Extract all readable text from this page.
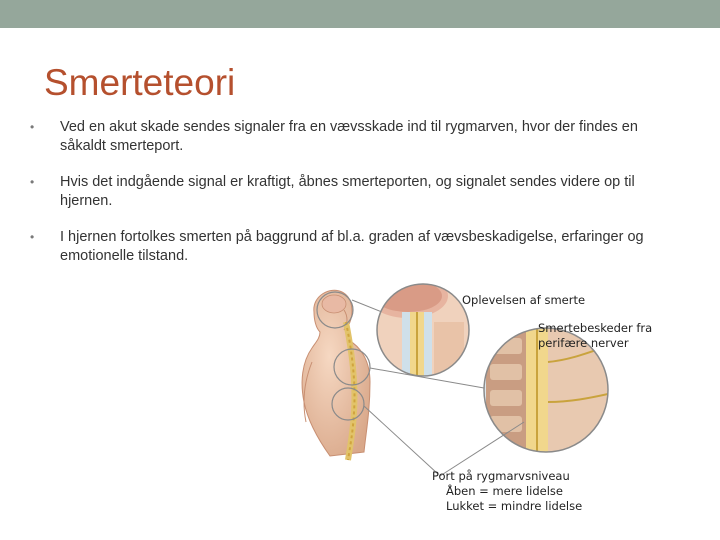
Smerteteori
• Ved en akut skade sendes signaler fra en vævsskade ind til rygmarven, hvor der findes en såkaldt smerteport.
• Hvis det indgående signal er kraftigt, åbnes smerteporten, og signalet sendes videre op til hjernen.
• I hjernen fortolkes smerten på baggrund af bl.a. graden af vævsbeskadigelse, erfaringer og emotionelle tilstand.
Oplevelsen af smerte
Smertebeskeder fra
perifære nerver
Port på rygmarvsniveau
Åben = mere lidelse
Lukket = mindre lidelse
